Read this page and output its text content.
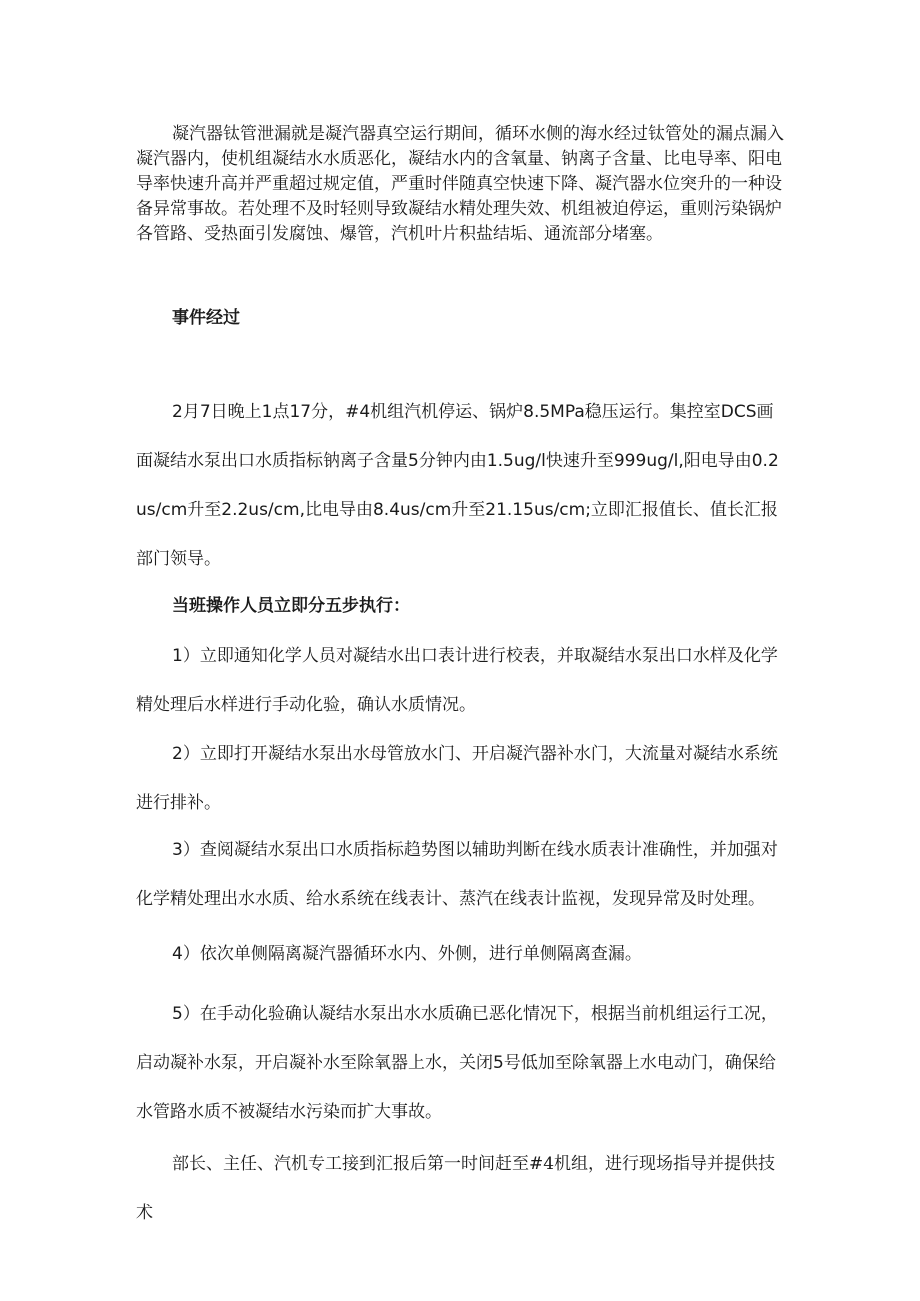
凝汽器钛管泄漏就是凝汽器真空运行期间，循环水侧的海水经过钛管处的漏点漏入凝汽器内，使机组凝结水水质恶化，凝结水内的含氧量、钠离子含量、比电导率、阳电导率快速升高并严重超过规定值，严重时伴随真空快速下降、凝汽器水位突升的一种设备异常事故。若处理不及时轻则导致凝结水精处理失效、机组被迫停运，重则污染锅炉各管路、受热面引发腐蚀、爆管，汽机叶片积盐结垢、通流部分堵塞。

事件经过

2月7日晚上1点17分，#4机组汽机停运、锅炉8.5MPa稳压运行。集控室DCS画面凝结水泵出口水质指标钠离子含量5分钟内由1.5ug/l快速升至999ug/l,阳电导由0.2us/cm升至2.2us/cm,比电导由8.4us/cm升至21.15us/cm;立即汇报值长、值长汇报部门领导。

当班操作人员立即分五步执行：

1）立即通知化学人员对凝结水出口表计进行校表，并取凝结水泵出口水样及化学精处理后水样进行手动化验，确认水质情况。

2）立即打开凝结水泵出水母管放水门、开启凝汽器补水门，大流量对凝结水系统进行排补。

3）查阅凝结水泵出口水质指标趋势图以辅助判断在线水质表计准确性，并加强对化学精处理出水水质、给水系统在线表计、蒸汽在线表计监视，发现异常及时处理。

4）依次单侧隔离凝汽器循环水内、外侧，进行单侧隔离查漏。

5）在手动化验确认凝结水泵出水水质确已恶化情况下，根据当前机组运行工况，启动凝补水泵，开启凝补水至除氧器上水，关闭5号低加至除氧器上水电动门，确保给水管路水质不被凝结水污染而扩大事故。

部长、主任、汽机专工接到汇报后第一时间赶至#4机组，进行现场指导并提供技术
